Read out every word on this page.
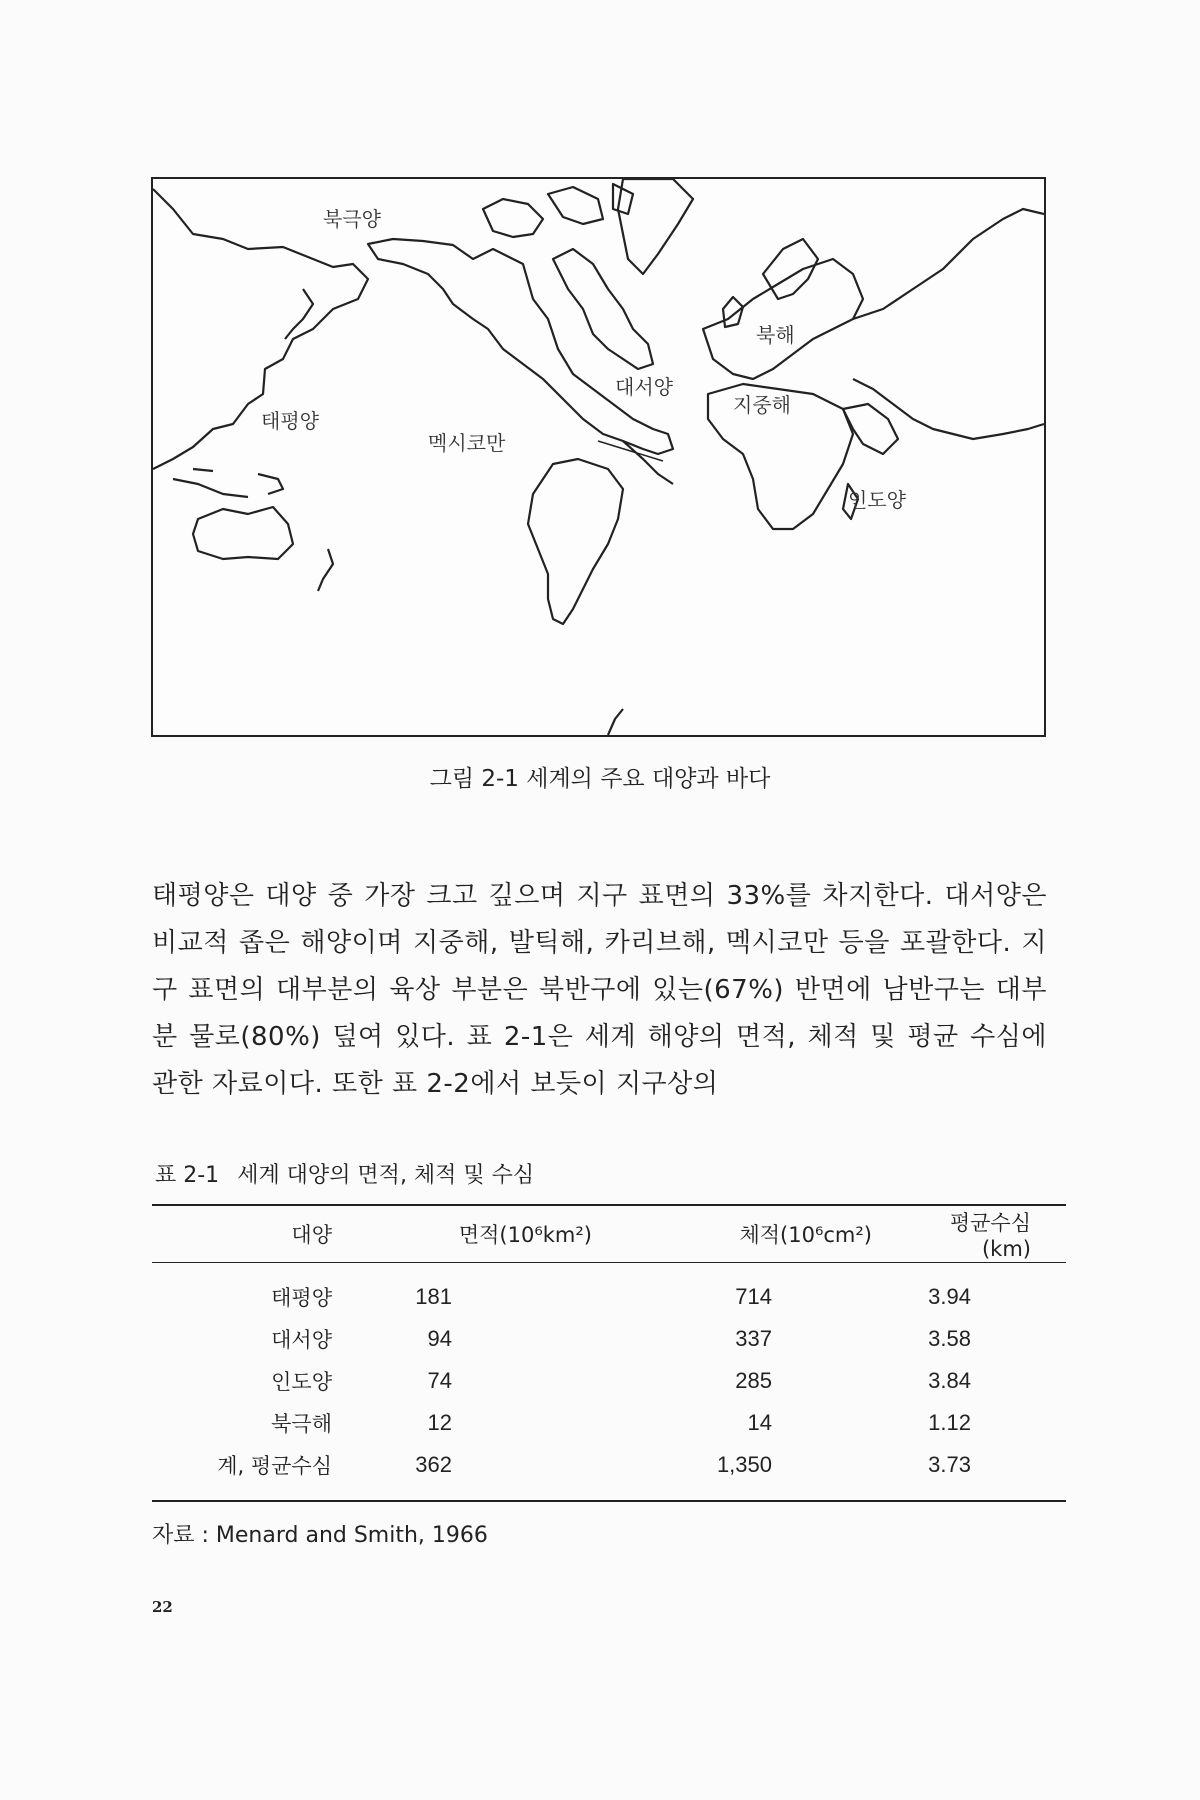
북극양
태평양
멕시코만
대서양
북해
지중해
인도양
그림 2-1 세계의 주요 대양과 바다

태평양은 대양 중 가장 크고 깊으며 지구 표면의 33%를 차지한다. 대서양은 비교적 좁은 해양이며 지중해, 발틱해, 카리브해, 멕시코만 등을 포괄한다. 지구 표면의 대부분의 육상 부분은 북반구에 있는(67%) 반면에 남반구는 대부분 물로(80%) 덮여 있다. 표 2-1은 세계 해양의 면적, 체적 및 평균 수심에 관한 자료이다. 또한 표 2-2에서 보듯이 지구상의

표 2-1 세계 대양의 면적, 체적 및 수심
대양	면적(10⁶km²)	체적(10⁶cm²)	평균수심(km)
태평양	181	714	3.94
대서양	94	337	3.58
인도양	74	285	3.84
북극해	12	14	1.12
계, 평균수심	362	1,350	3.73
자료 : Menard and Smith, 1966
22
